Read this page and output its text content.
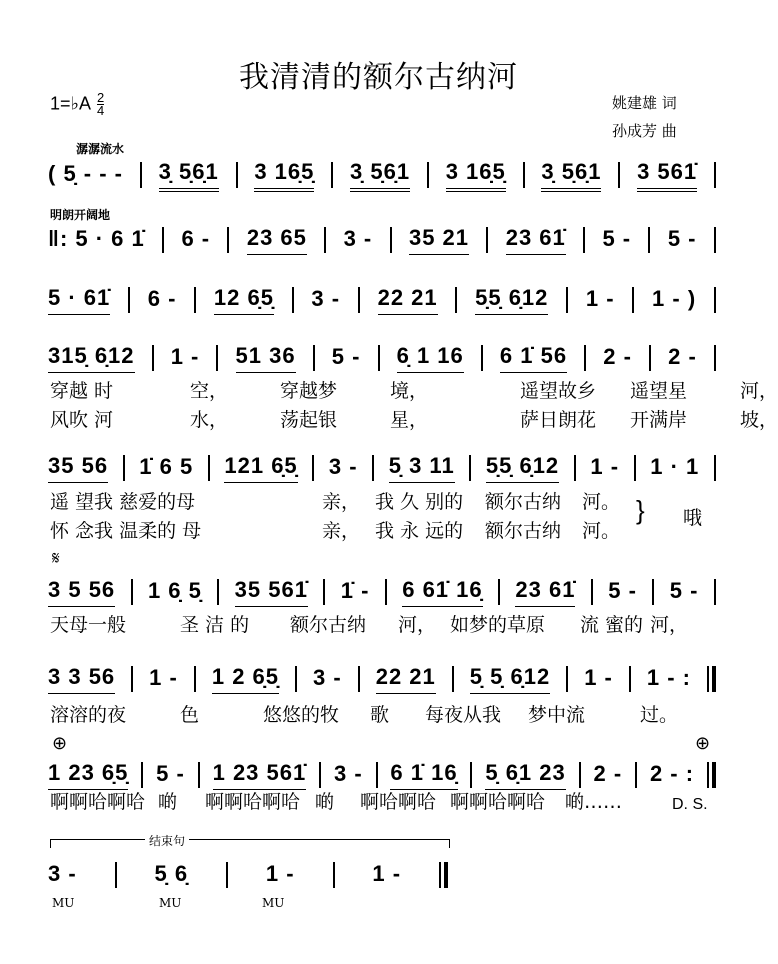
我清清的额尔古纳河
1=♭A $\frac{2}{4}$	姚建雄 词
孙成芳 曲
潺潺流水
明朗开阔地
𝄋
⊕	⊕
D. S.
结束句
} 哦
( 5̣ - - - 3̣ 5̣6̣1 3 16̣5̣ 3̣ 5̣6̣1 3 16̣5̣ 3̣ 5̣6̣1 3 561̇
‖: 5 · 6 1̇ 6 - 23 65 3 - 35 21 23 61̇ 5 - 5 -
5 · 61̇ 6 - 12 6̣5̣ 3 - 22 21 5̣5̣ 6̣12 1 - 1 - )
315̣ 6̣12 1 - 51 36 5 - 6̣ 1 16 6 1̇ 56 2 - 2 -
35 56 1̇ 6 5 121 6̣5̣ 3 - 5̣ 3 11 5̣5̣ 6̣12 1 - 1 · 1
3 5 56 1 6̣ 5̣ 35 561̇ 1̇ - 6 61̇ 16̣ 23 61̇ 5 - 5 -
3 3 56 1 - 1 2 6̣5̣ 3 - 22 21 5̣ 5̣ 6̣12 1 - 1 - :
1 23 6̣5̣ 5 - 1 23 561̇ 3 - 6 1̇ 16̣ 5̣ 6̣1 23 2 - 2 - :
3 -	5̣ 6̣	1 -	1 -
穿越 时	空，	穿越梦	境，	遥望故乡 遥望星	河，
风吹 河	水，	荡起银	星，	萨日朗花 开满岸	坡，
遥 望我 慈爱的母	亲， 我 久 别的 额尔古纳 河。
怀 念我 温柔的 母	亲， 我 永 远的 额尔古纳 河。
天母一般	圣 洁 的 额尔古纳 河， 如梦的草原 流 蜜的 河，
溶溶的夜	色	悠悠的牧 歌 每夜从我 梦中流	过。
啊啊哈啊哈 啲 啊啊哈啊哈 啲 啊哈啊哈 啊啊哈啊哈 啲……
MU	MU	MU
